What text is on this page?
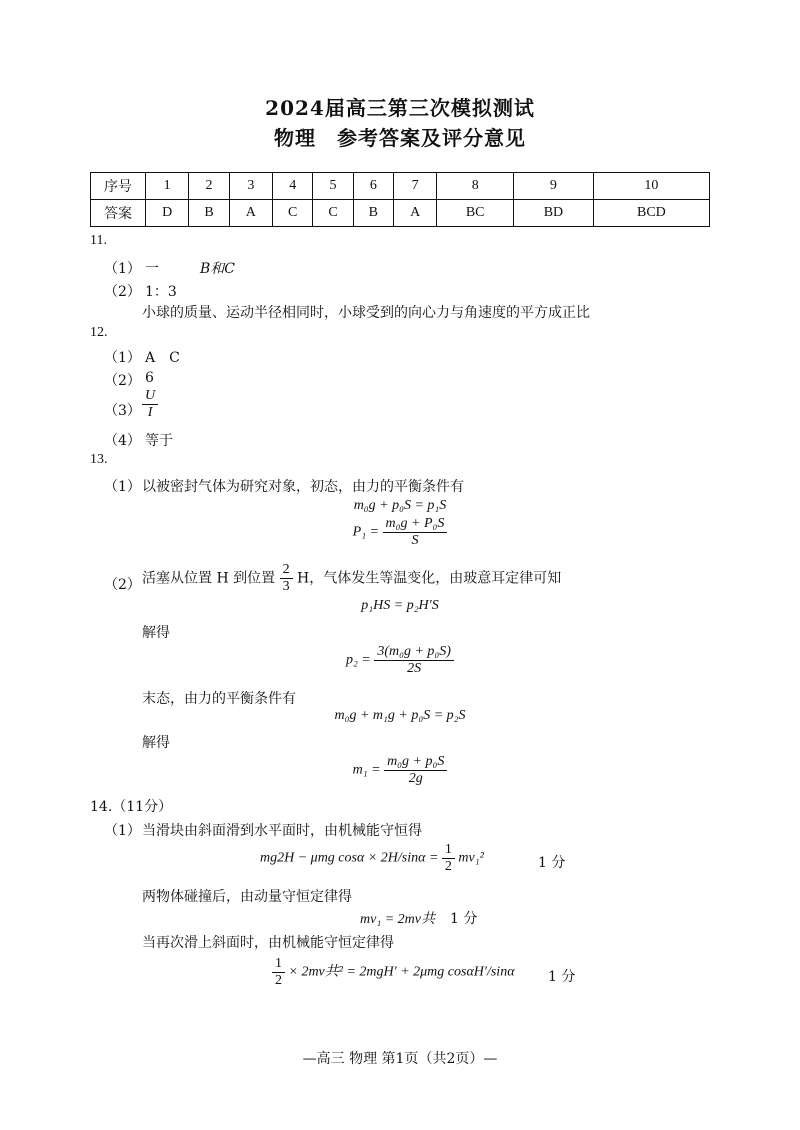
2024届高三第三次模拟测试
物理　参考答案及评分意见
序号	1	2	3	4	5	6	7	8	9	10
答案	D	B	A	C	C	B	A	BC	BD	BCD
11.
（1） 一	B和C
（2） 1：3
小球的质量、运动半径相同时，小球受到的向心力与角速度的平方成正比
12.
（1） A　C
（2） 6
$(3) \frac{U}{I}$
（4） 等于
13.
（1） 以被密封气体为研究对象，初态，由力的平衡条件有
m₀g + p₀S = p₁S
$P_1 = \frac{\text{m₀g + P₀S}}{S}$
（2） 活塞从位置 H 到位置 $\frac{2}{3}$ H，气体发生等温变化，由玻意耳定律可知
p₁HS = p₂H′S
解得
$p_2 = \frac{\text{3(m₀g + p₀S)}}{2S}$
末态，由力的平衡条件有
m₀g + m₁g + p₀S = p₂S
解得
$m_1 = \frac{\text{m₀g + p₀S}}{2g}$
14.（11分）
（1） 当滑块由斜面滑到水平面时，由机械能守恒得
mg2H − μmg $\cos\alpha \times 2H/\sin\alpha = \frac{1}{2} mv_1^2$	1 分
两物体碰撞后，由动量守恒定律得
mv₁ = 2mv共 1 分
当再次滑上斜面时，由机械能守恒定律得
$\frac{1}{2} \times 2mv$共² = 2mgH′ + 2μmg cosαH′/sinα 1 分
—高三 物理 第1页（共2页）—
